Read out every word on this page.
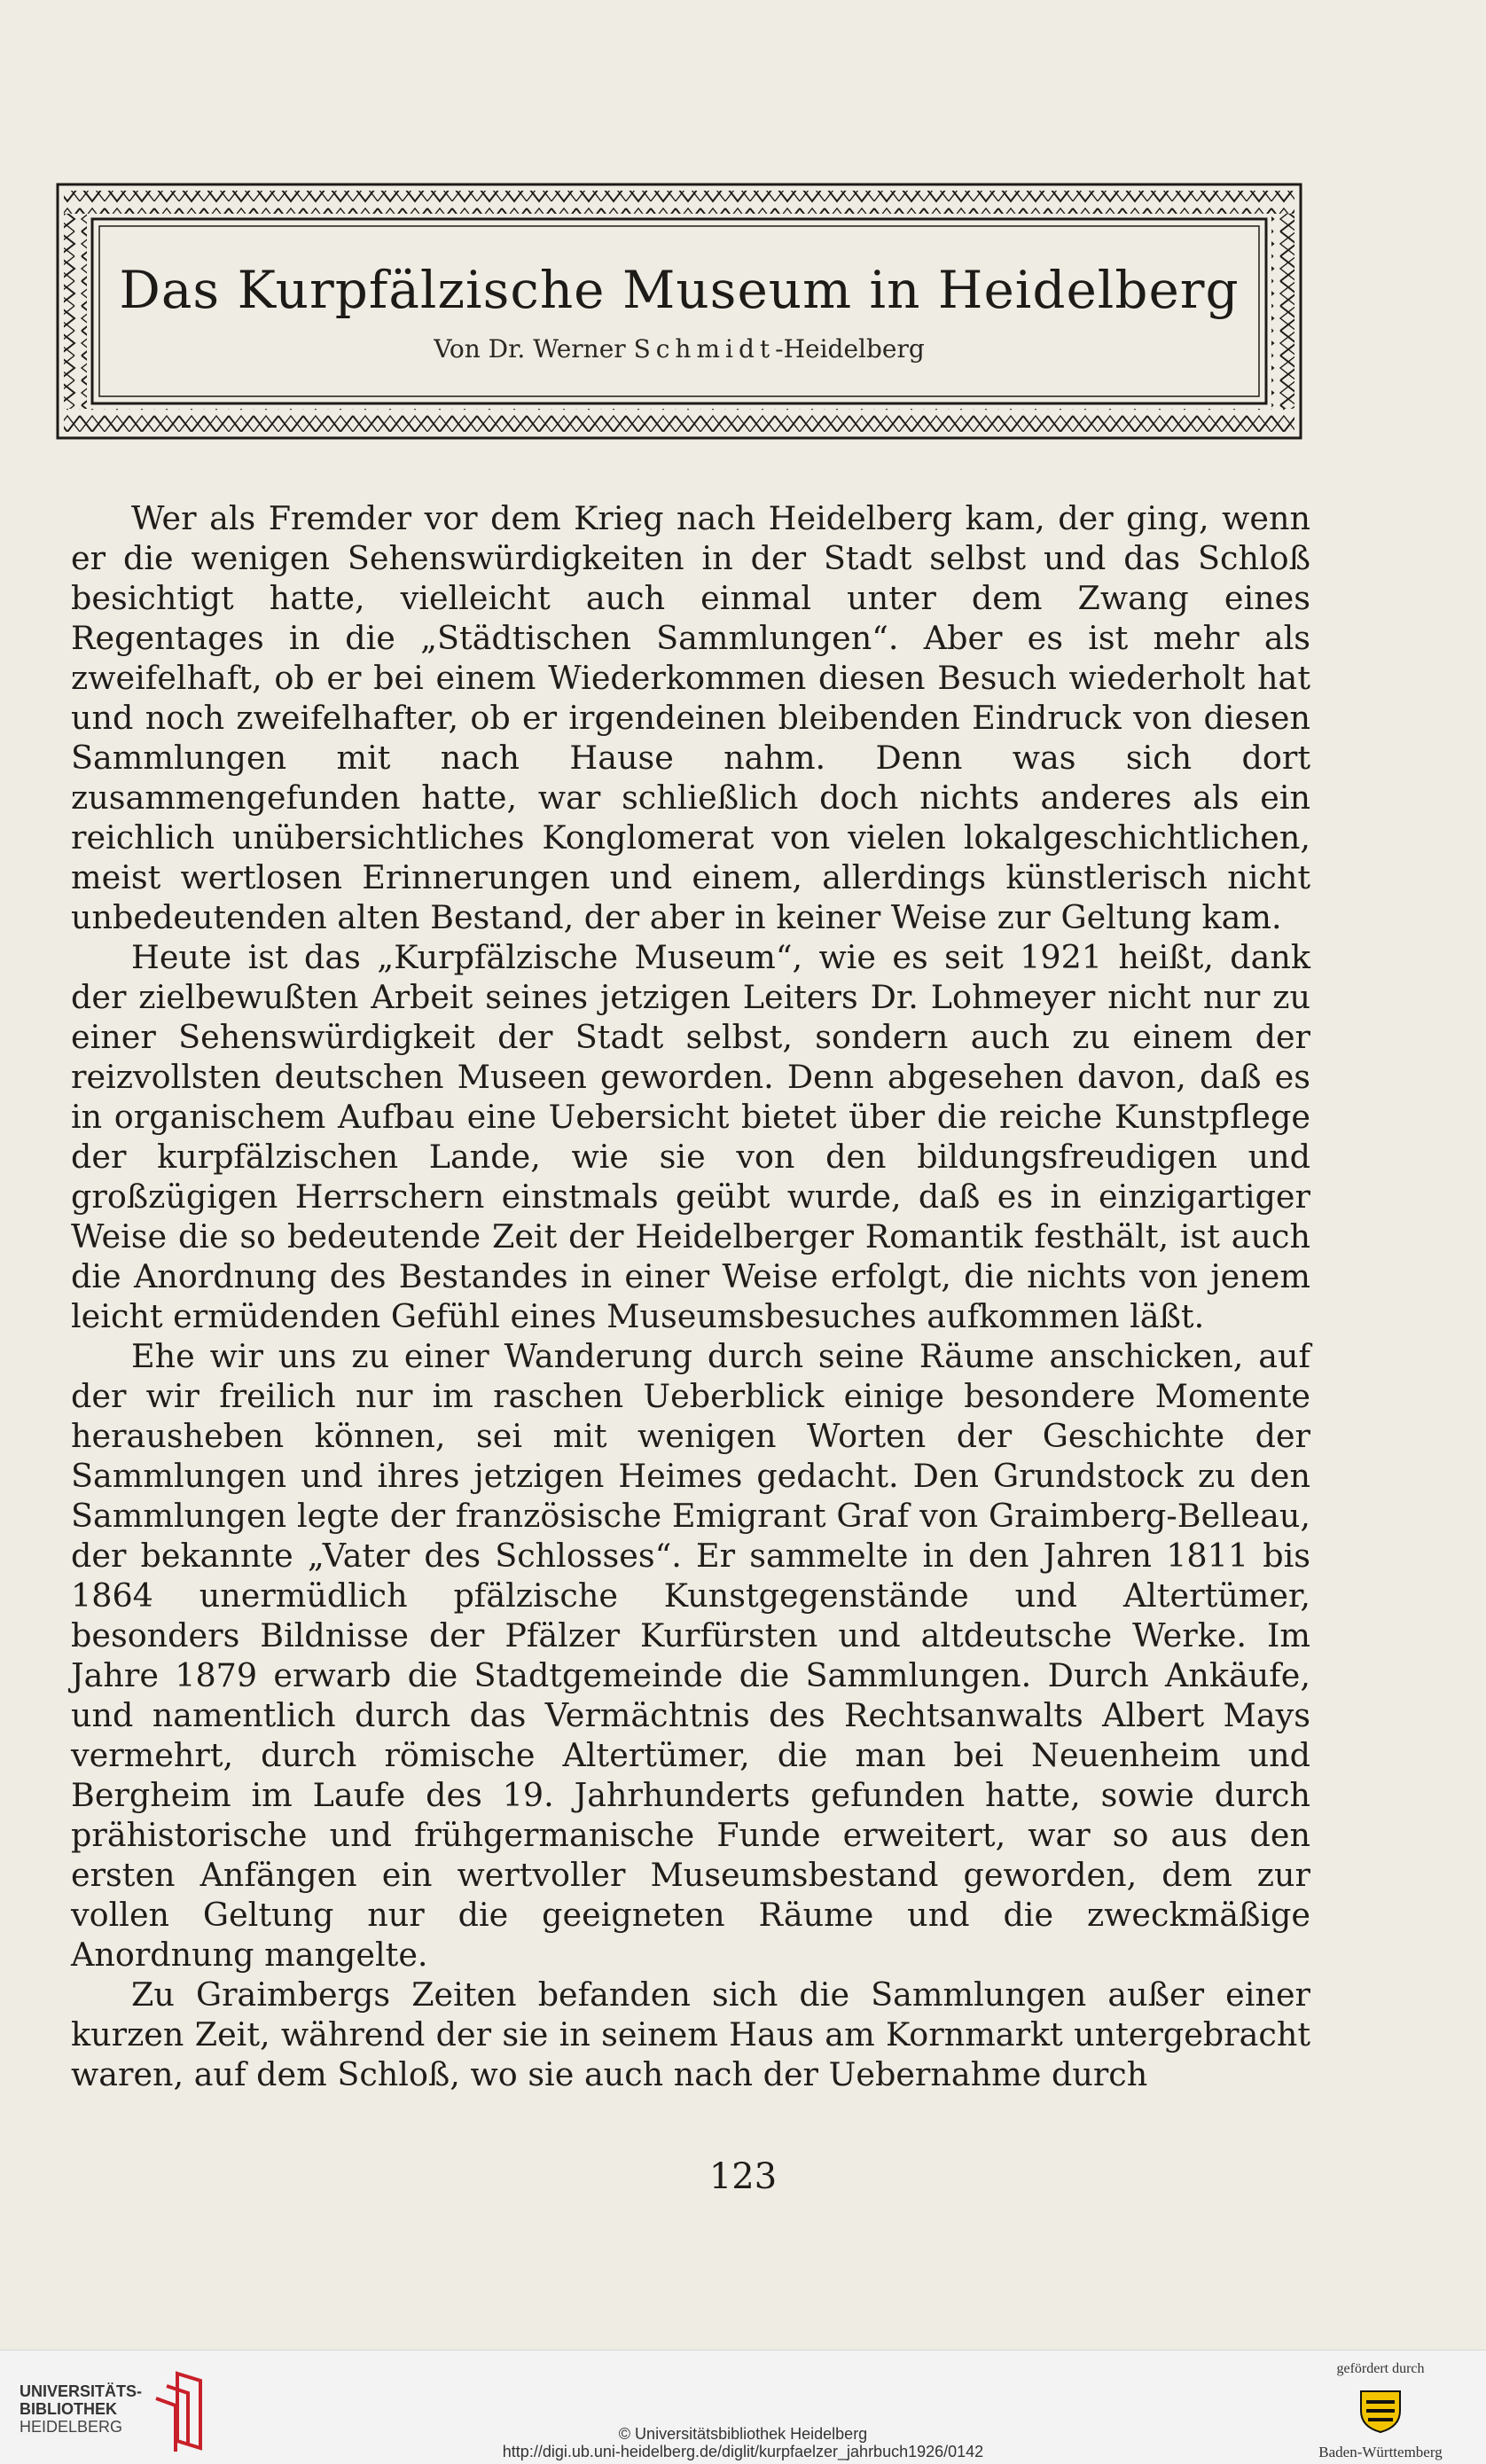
Das Kurpfälzische Museum in Heidelberg
Von Dr. Werner Schmidt-Heidelberg

Wer als Fremder vor dem Krieg nach Heidelberg kam, der ging, wenn er die wenigen Sehenswürdigkeiten in der Stadt selbst und das Schloß besichtigt hatte, vielleicht auch einmal unter dem Zwang eines Regentages in die „Städtischen Sammlungen“. Aber es ist mehr als zweifelhaft, ob er bei einem Wiederkommen diesen Besuch wiederholt hat und noch zweifelhafter, ob er irgendeinen bleibenden Eindruck von diesen Sammlungen mit nach Hause nahm. Denn was sich dort zusammengefunden hatte, war schließlich doch nichts anderes als ein reichlich unübersichtliches Konglomerat von vielen lokalgeschichtlichen, meist wertlosen Erinnerungen und einem, allerdings künstlerisch nicht unbedeutenden alten Bestand, der aber in keiner Weise zur Geltung kam.

Heute ist das „Kurpfälzische Museum“, wie es seit 1921 heißt, dank der zielbewußten Arbeit seines jetzigen Leiters Dr. Lohmeyer nicht nur zu einer Sehenswürdigkeit der Stadt selbst, sondern auch zu einem der reizvollsten deutschen Museen geworden. Denn abgesehen davon, daß es in organischem Aufbau eine Uebersicht bietet über die reiche Kunstpflege der kurpfälzischen Lande, wie sie von den bildungsfreudigen und großzügigen Herrschern einstmals geübt wurde, daß es in einzigartiger Weise die so bedeutende Zeit der Heidelberger Romantik festhält, ist auch die Anordnung des Bestandes in einer Weise erfolgt, die nichts von jenem leicht ermüdenden Gefühl eines Museumsbesuches aufkommen läßt.

Ehe wir uns zu einer Wanderung durch seine Räume anschicken, auf der wir freilich nur im raschen Ueberblick einige besondere Momente herausheben können, sei mit wenigen Worten der Geschichte der Sammlungen und ihres jetzigen Heimes gedacht. Den Grundstock zu den Sammlungen legte der französische Emigrant Graf von Graimberg-Belleau, der bekannte „Vater des Schlosses“. Er sammelte in den Jahren 1811 bis 1864 unermüdlich pfälzische Kunstgegenstände und Altertümer, besonders Bildnisse der Pfälzer Kurfürsten und altdeutsche Werke. Im Jahre 1879 erwarb die Stadtgemeinde die Sammlungen. Durch Ankäufe, und namentlich durch das Vermächtnis des Rechtsanwalts Albert Mays vermehrt, durch römische Altertümer, die man bei Neuenheim und Bergheim im Laufe des 19. Jahrhunderts gefunden hatte, sowie durch prähistorische und frühgermanische Funde erweitert, war so aus den ersten Anfängen ein wertvoller Museumsbestand geworden, dem zur vollen Geltung nur die geeigneten Räume und die zweckmäßige Anordnung mangelte.

Zu Graimbergs Zeiten befanden sich die Sammlungen außer einer kurzen Zeit, während der sie in seinem Haus am Kornmarkt untergebracht waren, auf dem Schloß, wo sie auch nach der Uebernahme durch

123
UNIVERSITÄTS-
BIBLIOTHEK
HEIDELBERG	© Universitätsbibliothek Heidelberg
http://digi.ub.uni-heidelberg.de/diglit/kurpfaelzer_jahrbuch1926/0142
gefördert durch
Baden-Württemberg
